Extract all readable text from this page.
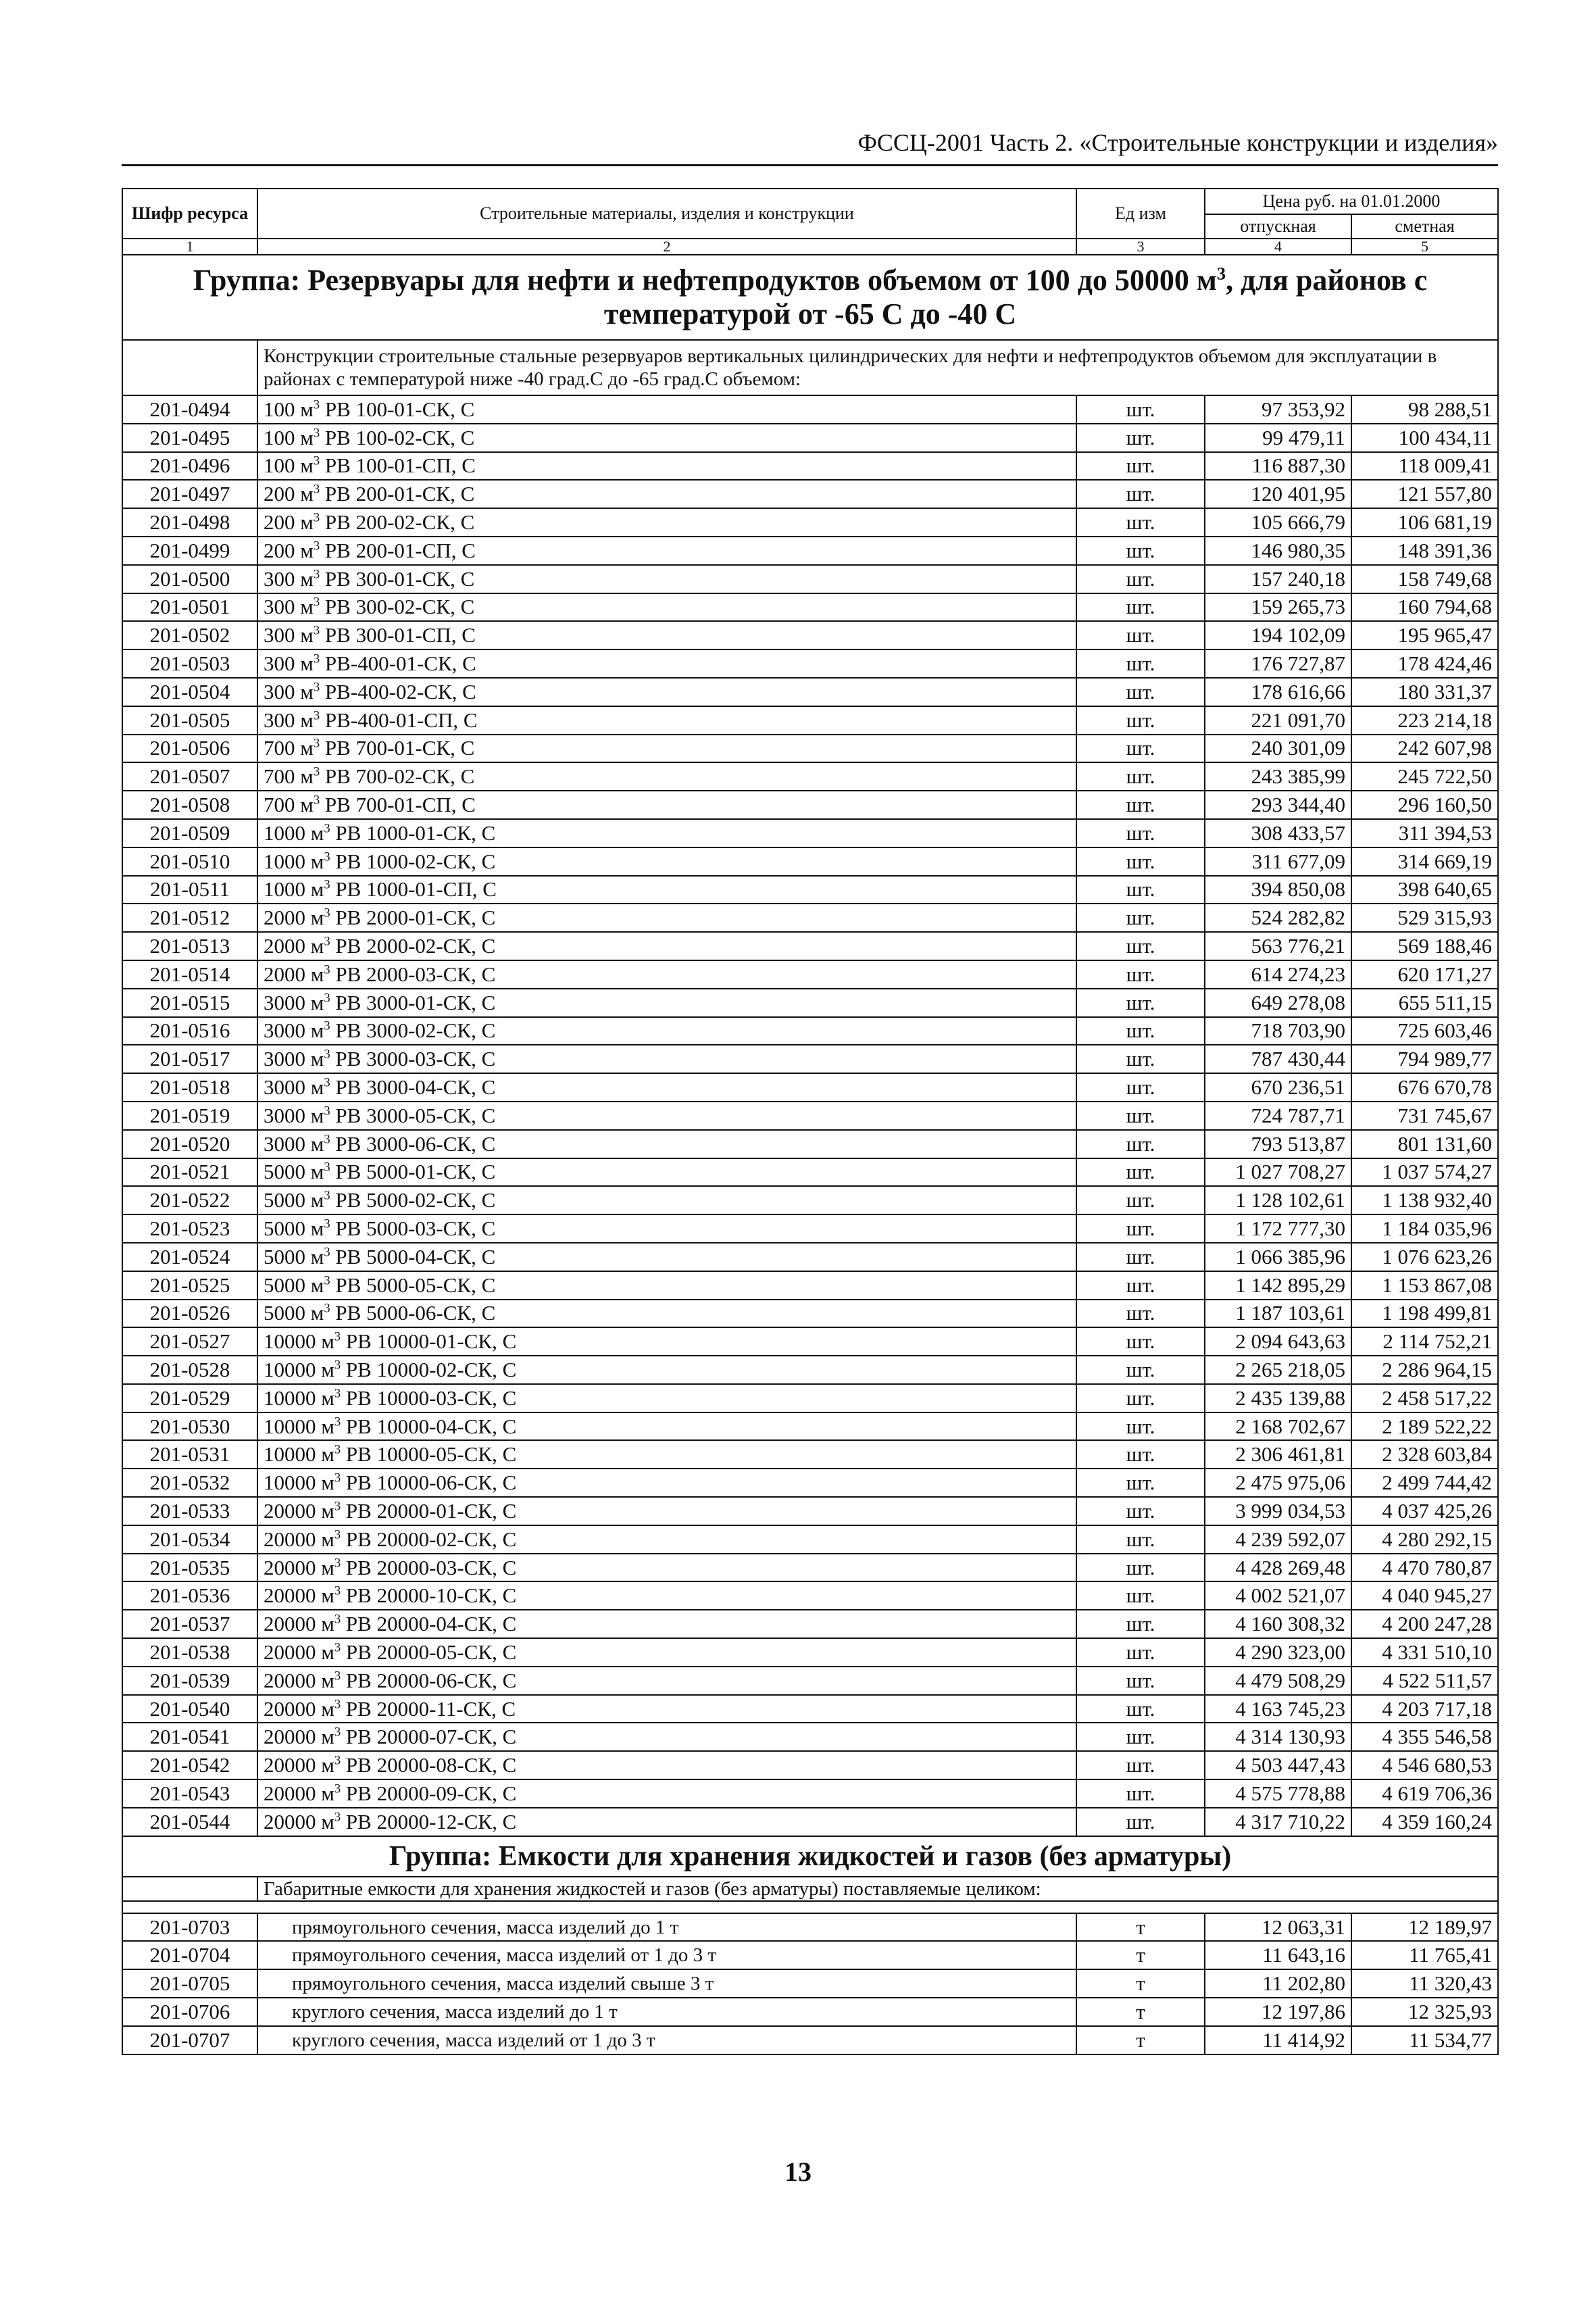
ФССЦ-2001 Часть 2. «Строительные конструкции и изделия»
Шифр ресурса	Строительные материалы, изделия и конструкции	Ед изм	Цена руб. на 01.01.2000	
			отпускная	сметная
1	2	3	4	5
Группа: Резервуары для нефти и нефтепродуктов объемом от 100 до 50000 $м^3$, для районов с температурой от -65 С до -40 С				
	Конструкции строительные стальные резервуаров вертикальных цилиндрических для нефти и нефтепродуктов объемом для эксплуатации в районах с температурой ниже -40 град.С до -65 град.С объемом:			
201-0494	100 $м^3$ РВ 100-01-СК, С	шт.	97 353,92	98 288,51
201-0495	100 $м^3$ РВ 100-02-СК, С	шт.	99 479,11	100 434,11
201-0496	100 $м^3$ РВ 100-01-СП, С	шт.	116 887,30	118 009,41
201-0497	200 $м^3$ РВ 200-01-СК, С	шт.	120 401,95	121 557,80
201-0498	200 $м^3$ РВ 200-02-СК, С	шт.	105 666,79	106 681,19
201-0499	200 $м^3$ РВ 200-01-СП, С	шт.	146 980,35	148 391,36
201-0500	300 $м^3$ РВ 300-01-СК, С	шт.	157 240,18	158 749,68
201-0501	300 $м^3$ РВ 300-02-СК, С	шт.	159 265,73	160 794,68
201-0502	300 $м^3$ РВ 300-01-СП, С	шт.	194 102,09	195 965,47
201-0503	300 $м^3$ РВ-400-01-СК, С	шт.	176 727,87	178 424,46
201-0504	300 $м^3$ РВ-400-02-СК, С	шт.	178 616,66	180 331,37
201-0505	300 $м^3$ РВ-400-01-СП, С	шт.	221 091,70	223 214,18
201-0506	700 $м^3$ РВ 700-01-СК, С	шт.	240 301,09	242 607,98
201-0507	700 $м^3$ РВ 700-02-СК, С	шт.	243 385,99	245 722,50
201-0508	700 $м^3$ РВ 700-01-СП, С	шт.	293 344,40	296 160,50
201-0509	1000 $м^3$ РВ 1000-01-СК, С	шт.	308 433,57	311 394,53
201-0510	1000 $м^3$ РВ 1000-02-СК, С	шт.	311 677,09	314 669,19
201-0511	1000 $м^3$ РВ 1000-01-СП, С	шт.	394 850,08	398 640,65
201-0512	2000 $м^3$ РВ 2000-01-СК, С	шт.	524 282,82	529 315,93
201-0513	2000 $м^3$ РВ 2000-02-СК, С	шт.	563 776,21	569 188,46
201-0514	2000 $м^3$ РВ 2000-03-СК, С	шт.	614 274,23	620 171,27
201-0515	3000 $м^3$ РВ 3000-01-СК, С	шт.	649 278,08	655 511,15
201-0516	3000 $м^3$ РВ 3000-02-СК, С	шт.	718 703,90	725 603,46
201-0517	3000 $м^3$ РВ 3000-03-СК, С	шт.	787 430,44	794 989,77
201-0518	3000 $м^3$ РВ 3000-04-СК, С	шт.	670 236,51	676 670,78
201-0519	3000 $м^3$ РВ 3000-05-СК, С	шт.	724 787,71	731 745,67
201-0520	3000 $м^3$ РВ 3000-06-СК, С	шт.	793 513,87	801 131,60
201-0521	5000 $м^3$ РВ 5000-01-СК, С	шт.	1 027 708,27	1 037 574,27
201-0522	5000 $м^3$ РВ 5000-02-СК, С	шт.	1 128 102,61	1 138 932,40
201-0523	5000 $м^3$ РВ 5000-03-СК, С	шт.	1 172 777,30	1 184 035,96
201-0524	5000 $м^3$ РВ 5000-04-СК, С	шт.	1 066 385,96	1 076 623,26
201-0525	5000 $м^3$ РВ 5000-05-СК, С	шт.	1 142 895,29	1 153 867,08
201-0526	5000 $м^3$ РВ 5000-06-СК, С	шт.	1 187 103,61	1 198 499,81
201-0527	10000 $м^3$ РВ 10000-01-СК, С	шт.	2 094 643,63	2 114 752,21
201-0528	10000 $м^3$ РВ 10000-02-СК, С	шт.	2 265 218,05	2 286 964,15
201-0529	10000 $м^3$ РВ 10000-03-СК, С	шт.	2 435 139,88	2 458 517,22
201-0530	10000 $м^3$ РВ 10000-04-СК, С	шт.	2 168 702,67	2 189 522,22
201-0531	10000 $м^3$ РВ 10000-05-СК, С	шт.	2 306 461,81	2 328 603,84
201-0532	10000 $м^3$ РВ 10000-06-СК, С	шт.	2 475 975,06	2 499 744,42
201-0533	20000 $м^3$ РВ 20000-01-СК, С	шт.	3 999 034,53	4 037 425,26
201-0534	20000 $м^3$ РВ 20000-02-СК, С	шт.	4 239 592,07	4 280 292,15
201-0535	20000 $м^3$ РВ 20000-03-СК, С	шт.	4 428 269,48	4 470 780,87
201-0536	20000 $м^3$ РВ 20000-10-СК, С	шт.	4 002 521,07	4 040 945,27
201-0537	20000 $м^3$ РВ 20000-04-СК, С	шт.	4 160 308,32	4 200 247,28
201-0538	20000 $м^3$ РВ 20000-05-СК, С	шт.	4 290 323,00	4 331 510,10
201-0539	20000 $м^3$ РВ 20000-06-СК, С	шт.	4 479 508,29	4 522 511,57
201-0540	20000 $м^3$ РВ 20000-11-СК, С	шт.	4 163 745,23	4 203 717,18
201-0541	20000 $м^3$ РВ 20000-07-СК, С	шт.	4 314 130,93	4 355 546,58
201-0542	20000 $м^3$ РВ 20000-08-СК, С	шт.	4 503 447,43	4 546 680,53
201-0543	20000 $м^3$ РВ 20000-09-СК, С	шт.	4 575 778,88	4 619 706,36
201-0544	20000 $м^3$ РВ 20000-12-СК, С	шт.	4 317 710,22	4 359 160,24
Группа: Емкости для хранения жидкостей и газов (без арматуры)				
	Габаритные емкости для хранения жидкостей и газов (без арматуры) поставляемые целиком:			

201-0703	прямоугольного сечения, масса изделий до 1 т	т	12 063,31	12 189,97
201-0704	прямоугольного сечения, масса изделий от 1 до 3 т	т	11 643,16	11 765,41
201-0705	прямоугольного сечения, масса изделий свыше 3 т	т	11 202,80	11 320,43
201-0706	круглого сечения, масса изделий до 1 т	т	12 197,86	12 325,93
201-0707	круглого сечения, масса изделий от 1 до 3 т	т	11 414,92	11 534,77
13
